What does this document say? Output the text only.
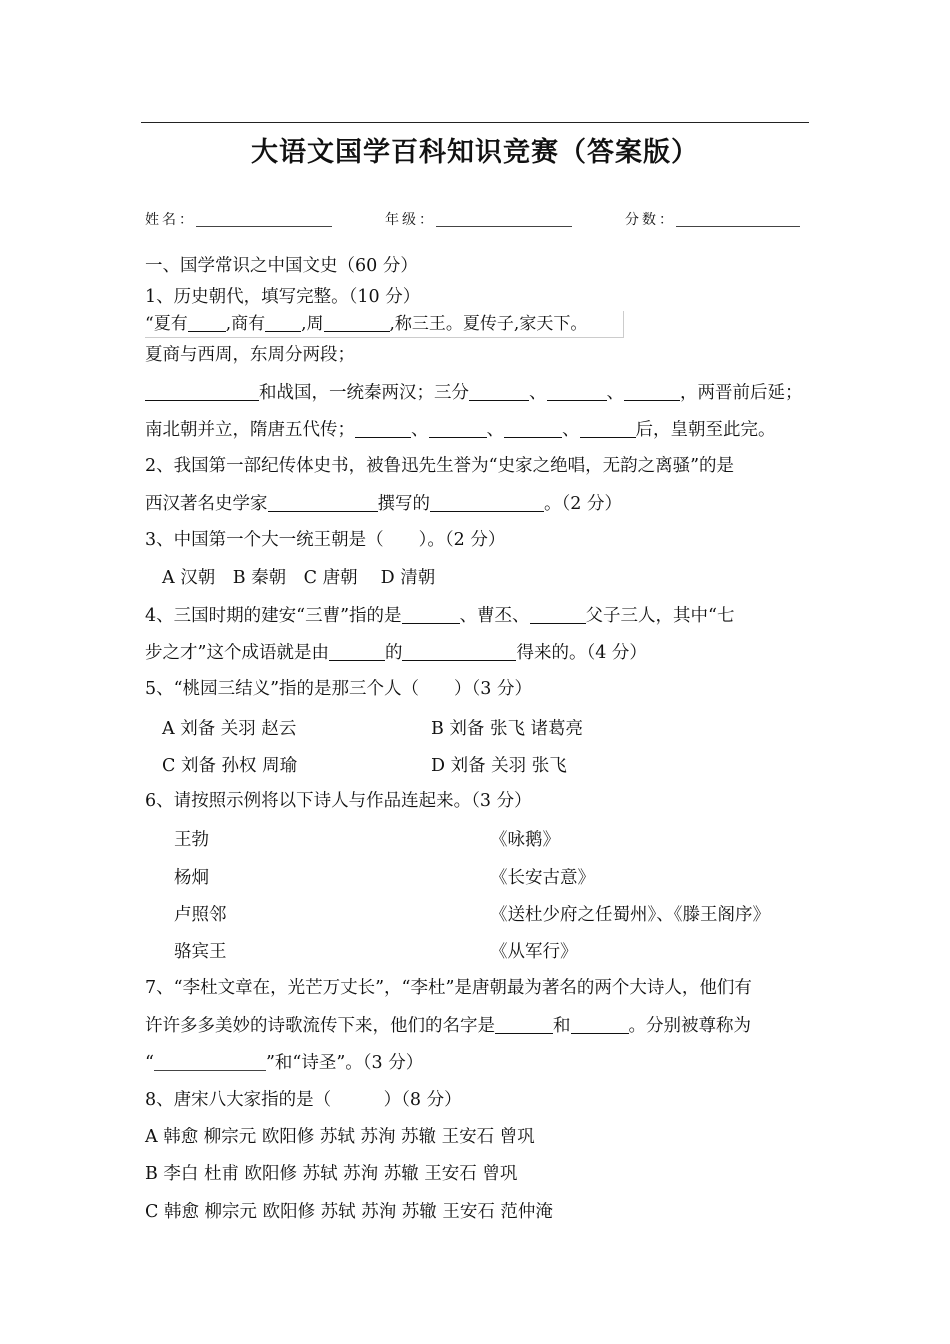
大语文国学百科知识竞赛（答案版）
姓名：	年级：	分数：
一、国学常识之中国文史（60 分）
1、历史朝代，填写完整。（10 分）
“夏有 ,商有 ,周	,称三王。夏传子,家天下。
夏商与西周，东周分两段；
和战国，一统秦两汉；三分	、	、	，两晋前后延；
南北朝并立，隋唐五代传；	、	、	、	后，皇朝至此完。
2、我国第一部纪传体史书，被鲁迅先生誉为“史家之绝唱，无韵之离骚”的是
西汉著名史学家	撰写的	。（2 分）
3、中国第一个大一统王朝是（　　）。（2 分）
A 汉朝　B 秦朝　C 唐朝　 D 清朝
4、三国时期的建安“三曹”指的是	、曹丕、	父子三人，其中“七
步之才”这个成语就是由	的	得来的。（4 分）
5、“桃园三结义”指的是那三个人（　　）（3 分）
A 刘备 关羽 赵云	B 刘备 张飞 诸葛亮
C 刘备 孙权 周瑜	D 刘备 关羽 张飞
6、请按照示例将以下诗人与作品连起来。（3 分）
王勃	《咏鹅》
杨炯	《长安古意》
卢照邻	《送杜少府之任蜀州》、《滕王阁序》
骆宾王	《从军行》
7、“李杜文章在，光芒万丈长”，“李杜”是唐朝最为著名的两个大诗人，他们有
许许多多美妙的诗歌流传下来，他们的名字是	和	。分别被尊称为
“	”和“诗圣”。（3 分）
8、唐宋八大家指的是（　　　）（8 分）
A 韩愈 柳宗元 欧阳修 苏轼 苏洵 苏辙 王安石 曾巩
B 李白 杜甫 欧阳修 苏轼 苏洵 苏辙 王安石 曾巩
C 韩愈 柳宗元 欧阳修 苏轼 苏洵 苏辙 王安石 范仲淹
